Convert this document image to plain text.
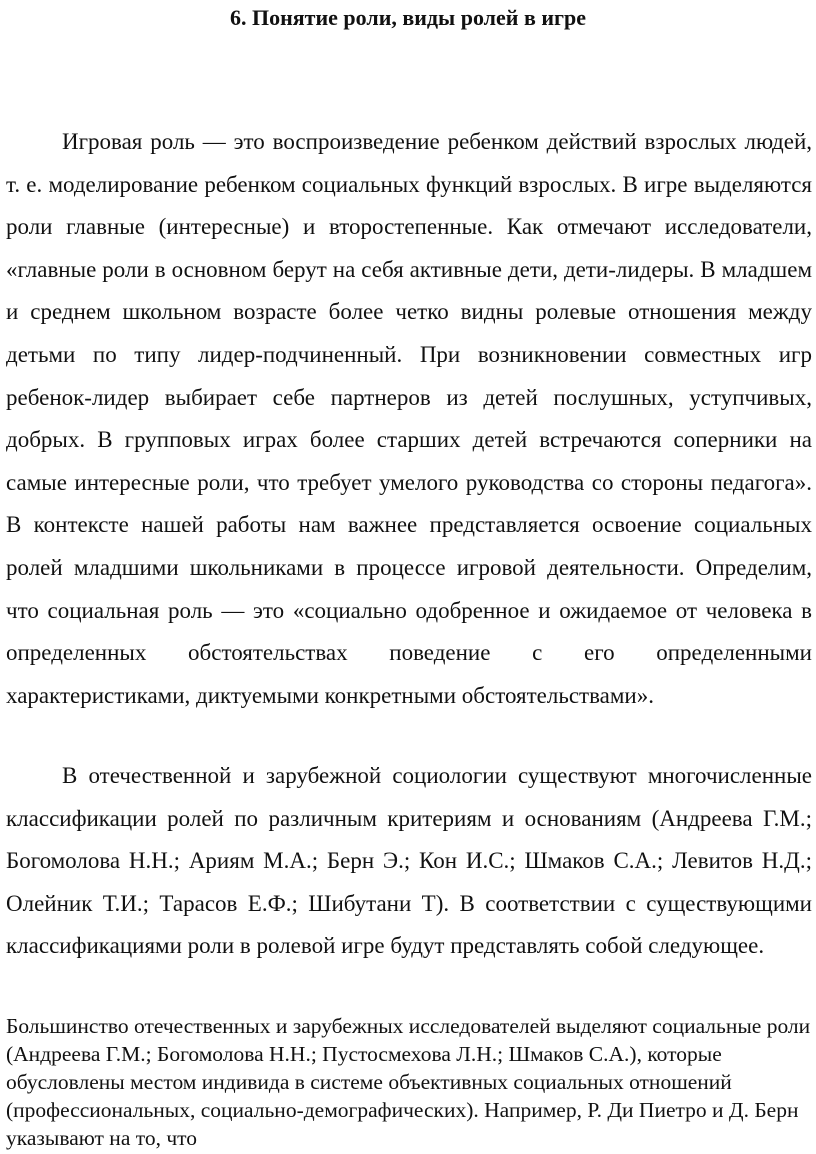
6. Понятие роли, виды ролей в игре

Игровая роль — это воспроизведение ребенком действий взрослых людей, т. е. моделирование ребенком социальных функций взрослых. В игре выделяются роли главные (интересные) и второстепенные. Как отмечают исследователи, «главные роли в основном берут на себя активные дети, дети-лидеры. В младшем и среднем школьном возрасте более четко видны ролевые отношения между детьми по типу лидер-подчиненный. При возникновении совместных игр ребенок-лидер выбирает себе партнеров из детей послушных, уступчивых, добрых. В групповых играх более старших детей встречаются соперники на самые интересные роли, что требует умелого руководства со стороны педагога». В контексте нашей работы нам важнее представляется освоение социальных ролей младшими школьниками в процессе игровой деятельности. Определим, что социальная роль — это «социально одобренное и ожидаемое от человека в определенных обстоятельствах поведение с его определенными характеристиками, диктуемыми конкретными обстоятельствами».

В отечественной и зарубежной социологии существуют многочисленные классификации ролей по различным критериям и основаниям (Андреева Г.М.; Богомолова Н.Н.; Ариям М.А.; Берн Э.; Кон И.С.; Шмаков С.А.; Левитов Н.Д.; Олейник Т.И.; Тарасов Е.Ф.; Шибутани Т). В соответствии с существующими классификациями роли в ролевой игре будут представлять собой следующее.

Большинство отечественных и зарубежных исследователей выделяют социальные роли (Андреева Г.М.; Богомолова Н.Н.; Пустосмехова Л.Н.; Шмаков С.А.), которые обусловлены местом индивида в системе объективных социальных отношений (профессиональных, социально-демографических). Например, Р. Ди Пиетро и Д. Берн указывают на то, что
